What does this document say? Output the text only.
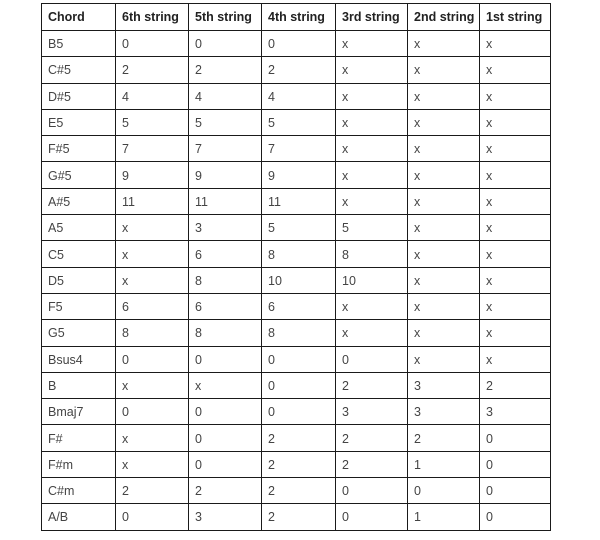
Chord	6th string	5th string	4th string	3rd string	2nd string	1st string
B5	0	0	0	x	x	x
C#5	2	2	2	x	x	x
D#5	4	4	4	x	x	x
E5	5	5	5	x	x	x
F#5	7	7	7	x	x	x
G#5	9	9	9	x	x	x
A#5	11	11	11	x	x	x
A5	x	3	5	5	x	x
C5	x	6	8	8	x	x
D5	x	8	10	10	x	x
F5	6	6	6	x	x	x
G5	8	8	8	x	x	x
Bsus4	0	0	0	0	x	x
B	x	x	0	2	3	2
Bmaj7	0	0	0	3	3	3
F#	x	0	2	2	2	0
F#m	x	0	2	2	1	0
C#m	2	2	2	0	0	0
A/B	0	3	2	0	1	0
